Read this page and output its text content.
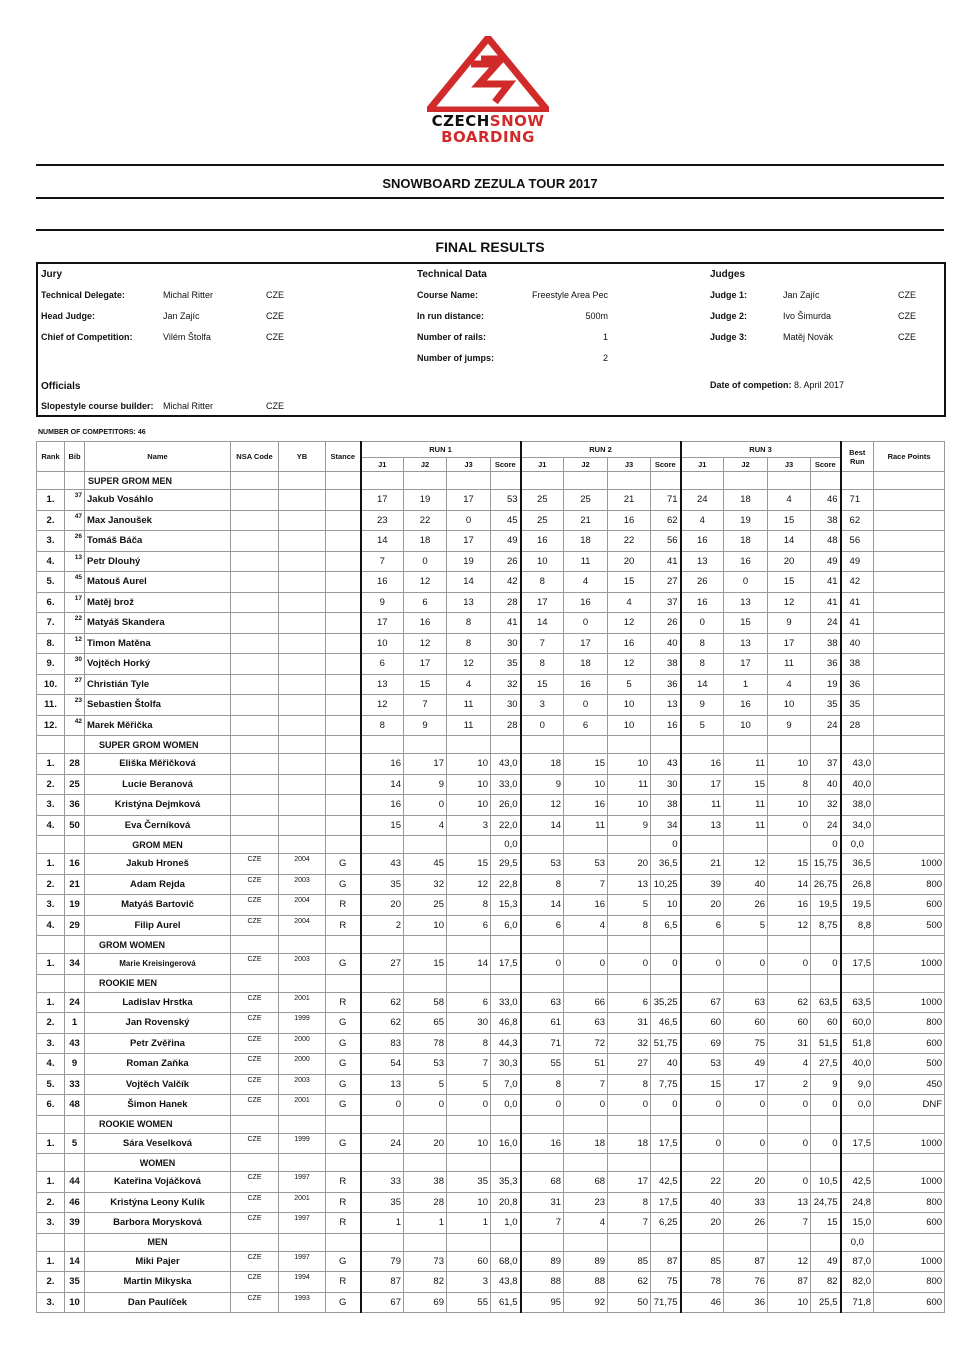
CZECHSNOW
BOARDING
SNOWBOARD ZEZULA TOUR 2017
FINAL RESULTS
Jury
Technical Delegate:	Michal Ritter	CZE
Head Judge:	Jan Zajíc	CZE
Chief of Competition:	Vilém Štolfa	CZE
Technical Data
Course Name:	Freestyle Area Pec
In run distance:	500m
Number of rails:	1
Number of jumps:	2
Judges
Judge 1:	Jan Zajíc	CZE
Judge 2:	Ivo Šimurda	CZE
Judge 3:	Matěj Novák	CZE
Date of competion: 8. April 2017
Officials
Slopestyle course builder: Michal Ritter	CZE
NUMBER OF COMPETITORS: 46
Rank	Bib	Name	NSA Code	YB	Stance	RUN 1				RUN 2				RUN 3				Best Run	Race Points
						J1	J2	J3	Score	J1	J2	J3	Score	J1	J2	J3	Score		
		SUPER GROM MEN																	
1.	37	Jakub Vosáhlo				17	19	17	53	25	25	21	71	24	18	4	46	71	
2.	47	Max Janoušek				23	22	0	45	25	21	16	62	4	19	15	38	62	
3.	26	Tomáš Báča				14	18	17	49	16	18	22	56	16	18	14	48	56	
4.	13	Petr Dlouhý				7	0	19	26	10	11	20	41	13	16	20	49	49	
5.	45	Matouš Aurel				16	12	14	42	8	4	15	27	26	0	15	41	42	
6.	17	Matěj brož				9	6	13	28	17	16	4	37	16	13	12	41	41	
7.	22	Matyáš Skandera				17	16	8	41	14	0	12	26	0	15	9	24	41	
8.	12	Timon Matěna				10	12	8	30	7	17	16	40	8	13	17	38	40	
9.	30	Vojtěch Horký				6	17	12	35	8	18	12	38	8	17	11	36	38	
10.	27	Christián Tyle				13	15	4	32	15	16	5	36	14	1	4	19	36	
11.	23	Sebastien Štolfa				12	7	11	30	3	0	10	13	9	16	10	35	35	
12.	42	Marek Měřička				8	9	11	28	0	6	10	16	5	10	9	24	28	
		SUPER GROM WOMEN																	
1.	28	Eliška Měřičková				16	17	10	43,0	18	15	10	43	16	11	10	37	43,0	
2.	25	Lucie Beranová				14	9	10	33,0	9	10	11	30	17	15	8	40	40,0	
3.	36	Kristýna Dejmková				16	0	10	26,0	12	16	10	38	11	11	10	32	38,0	
4.	50	Eva Černíková				15	4	3	22,0	14	11	9	34	13	11	0	24	34,0	
		GROM MEN							0,0				0				0	0,0	
1.	16	Jakub Hroneš	CZE	2004	G	43	45	15	29,5	53	53	20	36,5	21	12	15	15,75	36,5	1000
2.	21	Adam Rejda	CZE	2003	G	35	32	12	22,8	8	7	13	10,25	39	40	14	26,75	26,8	800
3.	19	Matyáš Bartovič	CZE	2004	R	20	25	8	15,3	14	16	5	10	20	26	16	19,5	19,5	600
4.	29	Filip Aurel	CZE	2004	R	2	10	6	6,0	6	4	8	6,5	6	5	12	8,75	8,8	500
		GROM WOMEN																	
1.	34	Marie Kreisingerová	CZE	2003	G	27	15	14	17,5	0	0	0	0	0	0	0	0	17,5	1000
		ROOKIE MEN																	
1.	24	Ladislav Hrstka	CZE	2001	R	62	58	6	33,0	63	66	6	35,25	67	63	62	63,5	63,5	1000
2.	1	Jan Rovenský	CZE	1999	G	62	65	30	46,8	61	63	31	46,5	60	60	60	60	60,0	800
3.	43	Petr Zvěřina	CZE	2000	G	83	78	8	44,3	71	72	32	51,75	69	75	31	51,5	51,8	600
4.	9	Roman Zaňka	CZE	2000	G	54	53	7	30,3	55	51	27	40	53	49	4	27,5	40,0	500
5.	33	Vojtěch Valčík	CZE	2003	G	13	5	5	7,0	8	7	8	7,75	15	17	2	9	9,0	450
6.	48	Šimon Hanek	CZE	2001	G	0	0	0	0,0	0	0	0	0	0	0	0	0	0,0	DNF
		ROOKIE WOMEN																	
1.	5	Sára Veselková	CZE	1999	G	24	20	10	16,0	16	18	18	17,5	0	0	0	0	17,5	1000
		WOMEN																	
1.	44	Kateřina Vojáčková	CZE	1997	R	33	38	35	35,3	68	68	17	42,5	22	20	0	10,5	42,5	1000
2.	46	Kristýna Leony Kulík	CZE	2001	R	35	28	10	20,8	31	23	8	17,5	40	33	13	24,75	24,8	800
3.	39	Barbora Morysková	CZE	1997	R	1	1	1	1,0	7	4	7	6,25	20	26	7	15	15,0	600
		MEN																0,0	
1.	14	Miki Pajer	CZE	1997	G	79	73	60	68,0	89	89	85	87	85	87	12	49	87,0	1000
2.	35	Martin Mikyska	CZE	1994	R	87	82	3	43,8	88	88	62	75	78	76	87	82	82,0	800
3.	10	Dan Paulíček	CZE	1993	G	67	69	55	61,5	95	92	50	71,75	46	36	10	25,5	71,8	600
